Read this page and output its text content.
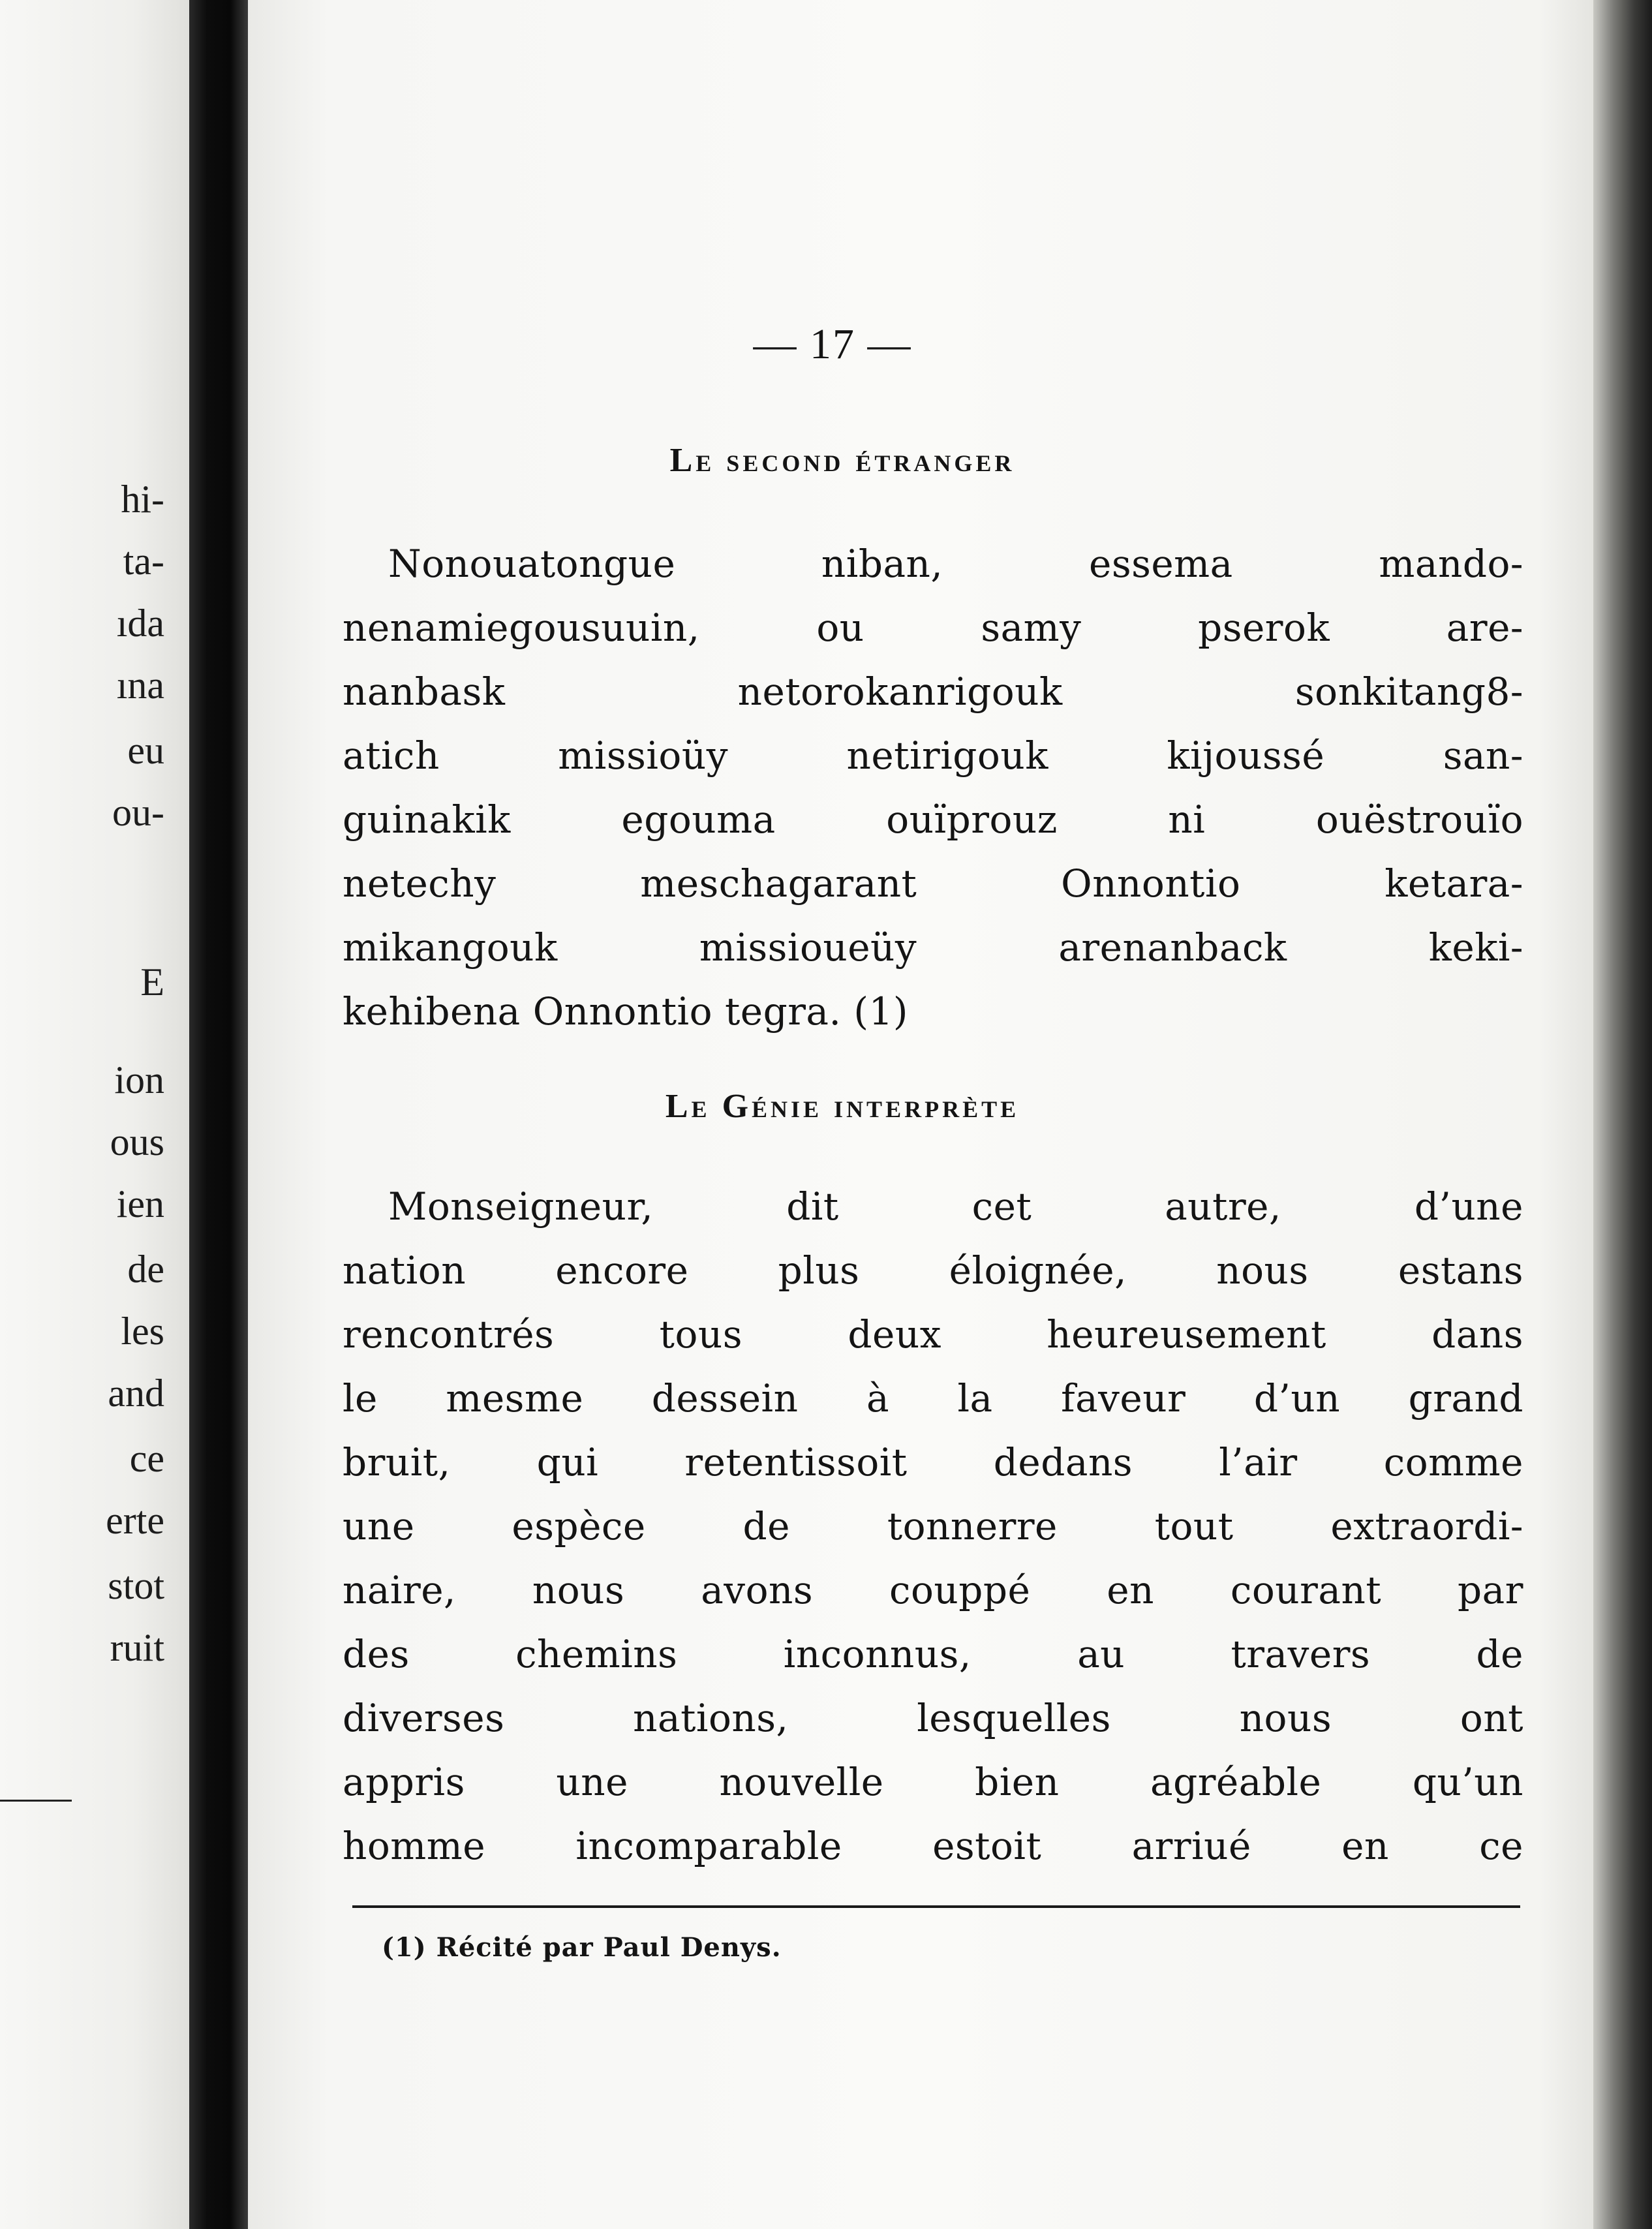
hi-
ta-
ıda
ına
eu
ou-
E
ion
ous
ien
de
les
and
ce
erte
stot
ruit
— 17 —
Le second étranger
Nonouatongue niban, essema mando-
nenamiegousuuin, ou samy pserok are-
nanbask netorokanrigouk sonkitang8-
atich missioüy netirigouk kijoussé san-
guinakik egouma ouïprouz ni ouëstrouïo
netechy meschagarant Onnontio ketara-
mikangouk missioueüy arenanback keki-
kehibena Onnontio tegra. (1)
Le Génie interprète
Monseigneur, dit cet autre, d’une
nation encore plus éloignée, nous estans
rencontrés tous deux heureusement dans
le mesme dessein à la faveur d’un grand
bruit, qui retentissoit dedans l’air comme
une espèce de tonnerre tout extraordi-
naire, nous avons couppé en courant par
des chemins inconnus, au travers de
diverses nations, lesquelles nous ont
appris une nouvelle bien agréable qu’un
homme incomparable estoit arriué en ce
(1) Récité par Paul Denys.
